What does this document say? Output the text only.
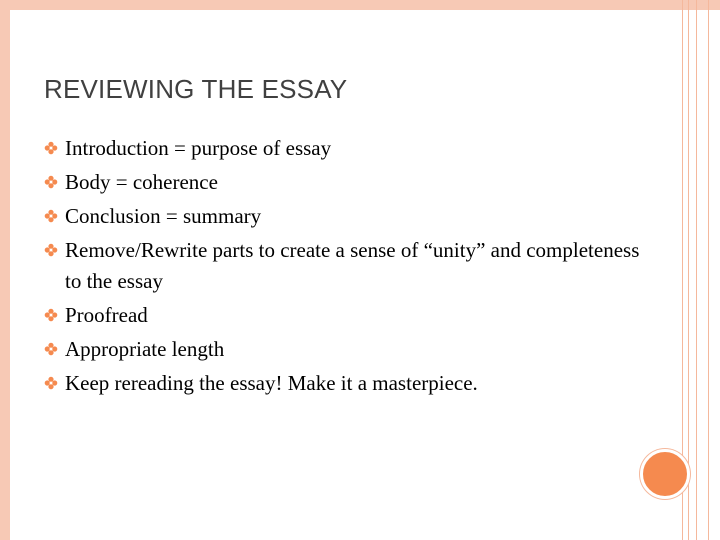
REVIEWING THE ESSAY
Introduction = purpose of essay
Body = coherence
Conclusion = summary
Remove/Rewrite parts to create a sense of “unity” and completeness to the essay
Proofread
Appropriate length
Keep rereading the essay! Make it a masterpiece.
